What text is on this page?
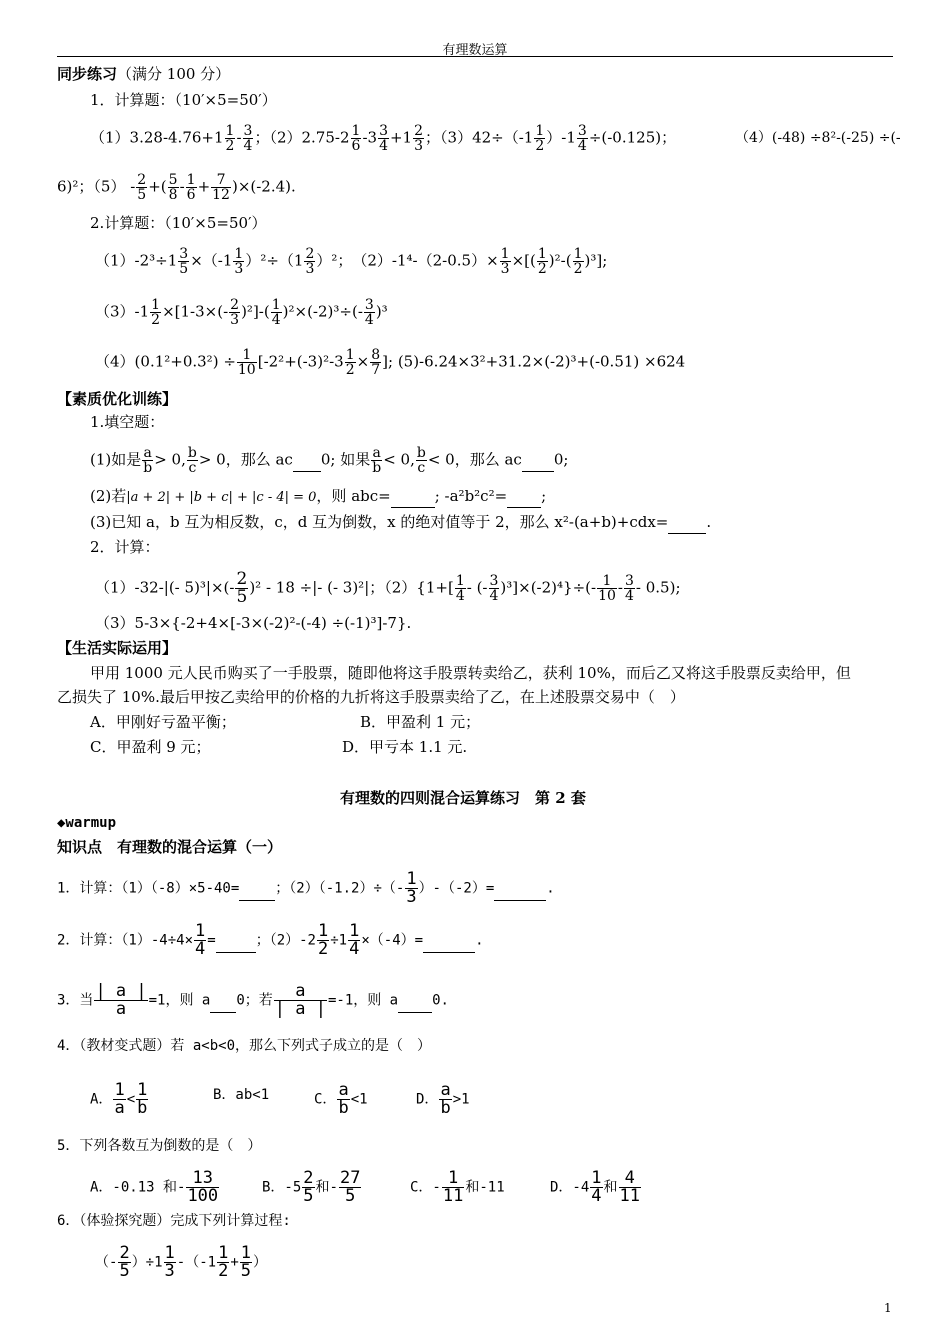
有理数运算
同步练习（满分 100 分）
1．计算题：（10′×5=50′）
$(1)3.28-4.76+1 \frac{1}{2} - \frac{3}{4}$ ；$(2)2.75-2 \frac{1}{6} -3 \frac{3}{4} +1 \frac{2}{3}$ ；$(3)42\div(-1 \frac{1}{2} )-1 \frac{3}{4} \div(-0.125)$；	（4）(-48) ÷8²-(-25) ÷(-
6)²；$(5) - \frac{2}{5}$ +( $\frac{5}{8} - \frac{1}{6} + \frac{7}{12} )\times(-2.4)$.
2.计算题：（10′×5=50′）
$(1)-2^3\div 1 \frac{3}{5} \times(-1 \frac{1}{3} )^2\div(1 \frac{2}{3} )^2$；　$(2)-1^4-(2-0.5)\times \frac{1}{3}$ ×[( $\frac{1}{2} )^2-( \frac{1}{2} )^3$];
$(3)-1 \frac{1}{2} \times[1-3\times(- \frac{2}{3} )^2]-( \frac{1}{4} )^2\times(-2)^3\div(- \frac{3}{4} )^3$
$(4)(0.1^2+0.3^2) \div \frac{1}{10} [-2^2+(-3)^2-3 \frac{1}{2} \times \frac{8}{7}$ ]; (5)-6.24×3²+31.2×(-2)³+(-0.51) ×624
【素质优化训练】
1.填空题：
(1)如是 $\frac{a}{b} > 0$, $\frac{b}{c} > 0$，那么 ac 0; 如果 $\frac{a}{b} < 0$, $\frac{b}{c} < 0$，那么 ac 0;
(2)若|a + 2| + |b + c| + |c - 4| = 0，则 abc=	; -a²b²c²= ;
(3)已知 a，b 互为相反数，c，d 互为倒数，x 的绝对值等于 2，那么 x²-(a+b)+cdx=	.
2．计算：
（1）-32-|(- $5)^3|\times(- \frac{2}{5} )^2 - 18$ ÷|- (- 3)²|；$(2)\{1+[ \frac{1}{4}$ - (- $\frac{3}{4} )^3]\times(-2)^4\}\div(- \frac{1}{10} - \frac{3}{4} - 0.5)$;
（3）5-3×{-2+4×[-3×(-2)²-(-4) ÷(-1)³]-7}.
【生活实际运用】
甲用 1000 元人民币购买了一手股票，随即他将这手股票转卖给乙，获利 10%，而后乙又将这手股票反卖给甲，但
乙损失了 10%.最后甲按乙卖给甲的价格的九折将这手股票卖给了乙，在上述股票交易中（　）
A．甲刚好亏盈平衡；	B．甲盈利 1 元；
C．甲盈利 9 元；	D．甲亏本 1.1 元.
有理数的四则混合运算练习　第 2 套
◆warmup
知识点　有理数的混合运算（一）
1．计算：（1）（-8）×5-40=	；$(2)(-1.2)\div(- \frac{1}{3} )-(-2)=$	.
2．计算：$(1)-4\div 4\times \frac{1}{4}$ =	；$(2)-2 \frac{1}{2} \div 1 \frac{1}{4} \times(-4)=$	.
3．当 $\frac{| a |}{a} =1$，则 a 0；若 $\frac{a}{| a |} =-1$，则 a 0.
4．（教材变式题）若 a<b<0，那么下列式子成立的是（　）
A． $\frac{1}{a} < \frac{1}{b}$	B．ab<1	C． $\frac{a}{b} <1$	D． $\frac{a}{b} >1$
5．下列各数互为倒数的是（　）
A．-0.13 和- $\frac{13}{100}$	B．$-5 \frac{2}{5}$ 和- $\frac{27}{5}$	C．- $\frac{1}{11}$ 和-11	D．$-4 \frac{1}{4}$ 和 $\frac{4}{11}$
6．（体验探究题）完成下列计算过程:
（- $\frac{2}{5} )\div 1 \frac{1}{3} -(-1 \frac{1}{2} + \frac{1}{5}$ ）
1
